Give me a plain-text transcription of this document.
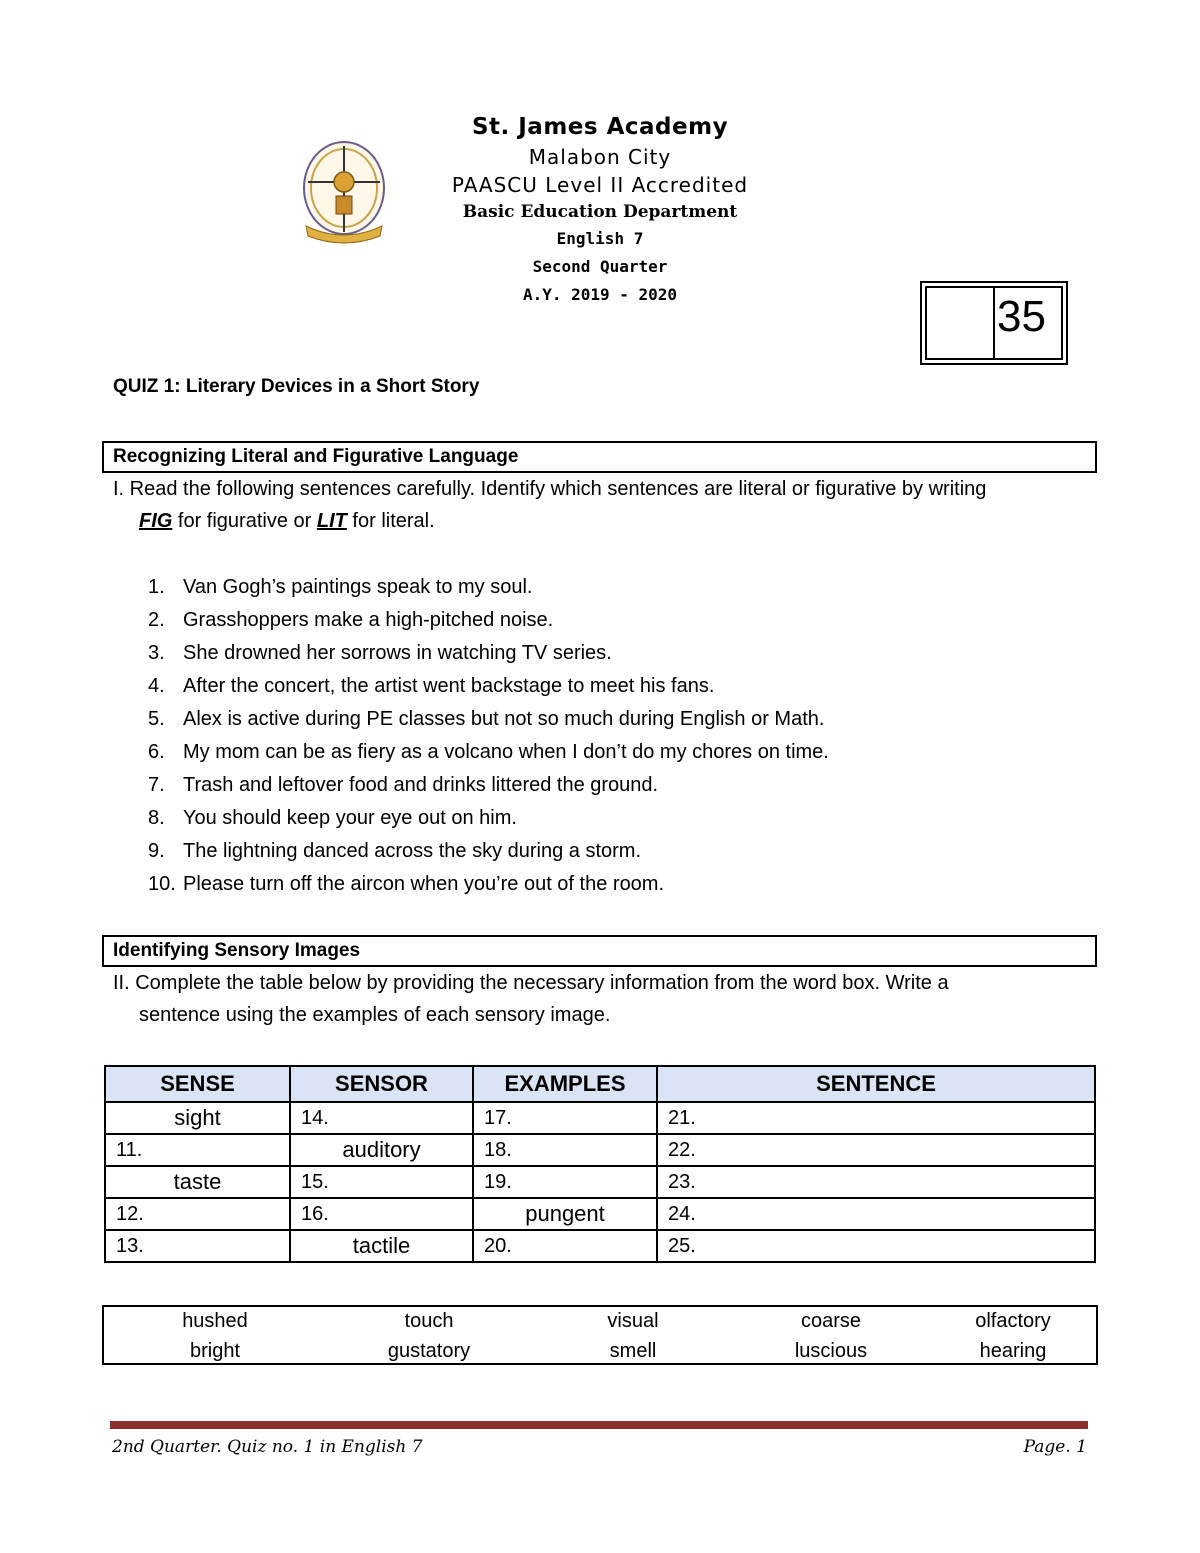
St. James Academy
Malabon City
PAASCU Level II Accredited
Basic Education Department
English 7
Second Quarter
A.Y. 2019 - 2020	35
QUIZ 1: Literary Devices in a Short Story
Recognizing Literal and Figurative Language
I. Read the following sentences carefully. Identify which sentences are literal or figurative by writing
FIG for figurative or LIT for literal.
1. Van Gogh’s paintings speak to my soul.
2. Grasshoppers make a high-pitched noise.
3. She drowned her sorrows in watching TV series.
4. After the concert, the artist went backstage to meet his fans.
5. Alex is active during PE classes but not so much during English or Math.
6. My mom can be as fiery as a volcano when I don’t do my chores on time.
7. Trash and leftover food and drinks littered the ground.
8. You should keep your eye out on him.
9. The lightning danced across the sky during a storm.
10. Please turn off the aircon when you’re out of the room.
Identifying Sensory Images
II. Complete the table below by providing the necessary information from the word box. Write a
sentence using the examples of each sensory image.
SENSE	SENSOR	EXAMPLES	SENTENCE
sight	14.	17.	21.
11.	auditory	18.	22.
taste	15.	19.	23.
12.	16.	pungent	24.
13.	tactile	20.	25.
hushed	touch	visual	coarse	olfactory
bright	gustatory	smell	luscious	hearing
2nd Quarter. Quiz no. 1 in English 7	Page. 1
